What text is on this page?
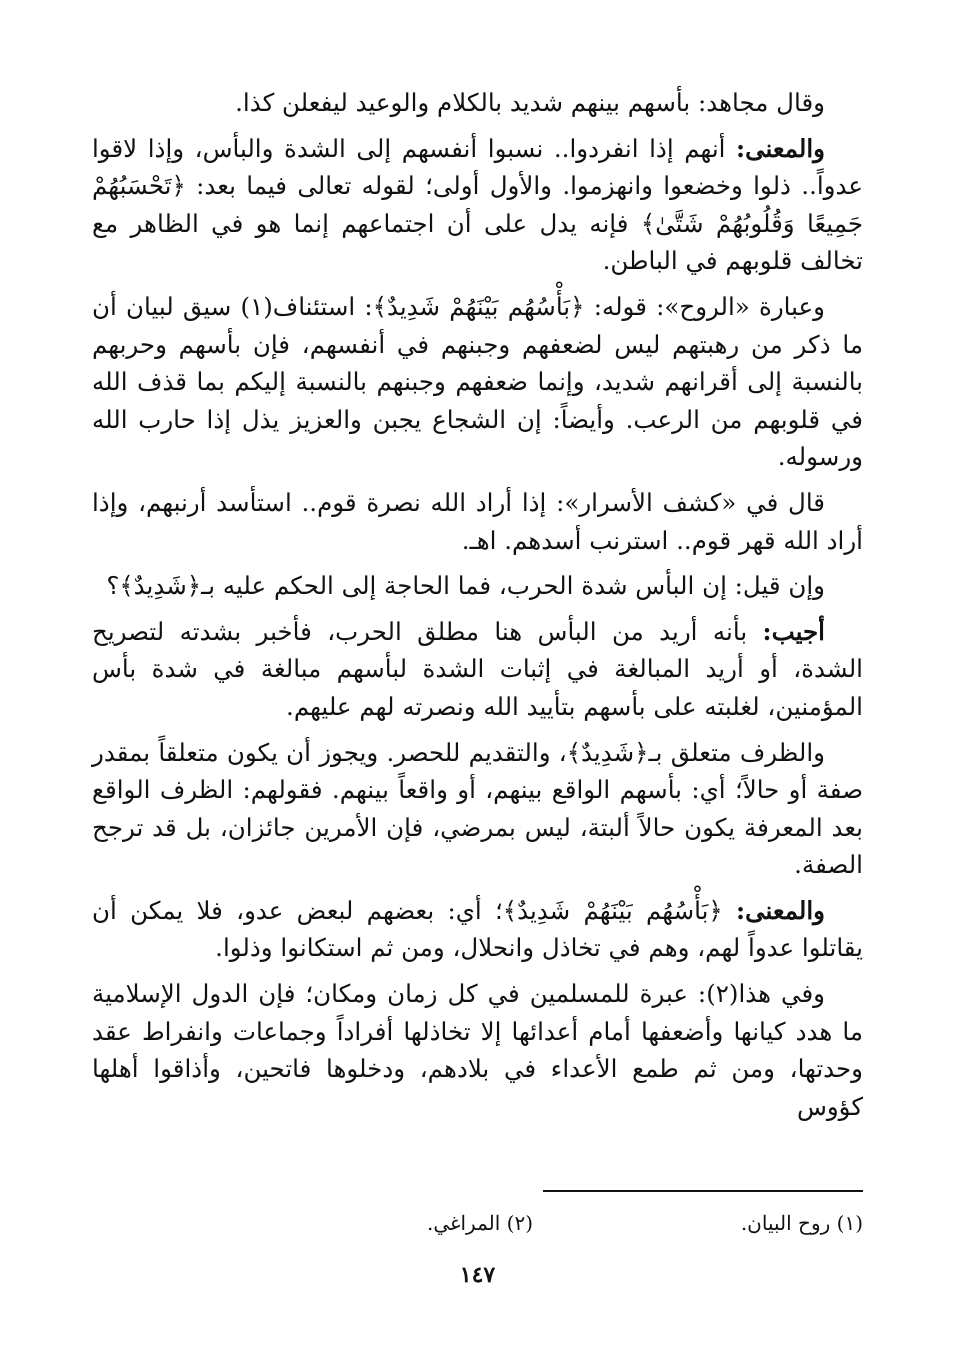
وقال مجاهد: بأسهم بينهم شديد بالكلام والوعيد ليفعلن كذا.

والمعنى: أنهم إذا انفردوا.. نسبوا أنفسهم إلى الشدة والبأس، وإذا لاقوا عدواً.. ذلوا وخضعوا وانهزموا. والأول أولى؛ لقوله تعالى فيما بعد: ﴿تَحْسَبُهُمْ جَمِيعًا وَقُلُوبُهُمْ شَتَّىٰ﴾ فإنه يدل على أن اجتماعهم إنما هو في الظاهر مع تخالف قلوبهم في الباطن.

وعبارة «الروح»: قوله: ﴿بَأْسُهُم بَيْنَهُمْ شَدِيدٌ﴾: استئناف(١) سيق لبيان أن ما ذكر من رهبتهم ليس لضعفهم وجبنهم في أنفسهم، فإن بأسهم وحربهم بالنسبة إلى أقرانهم شديد، وإنما ضعفهم وجبنهم بالنسبة إليكم بما قذف الله في قلوبهم من الرعب. وأيضاً: إن الشجاع يجبن والعزيز يذل إذا حارب الله ورسوله.

قال في «كشف الأسرار»: إذا أراد الله نصرة قوم.. استأسد أرنبهم، وإذا أراد الله قهر قوم.. استرنب أسدهم. اهـ.

وإن قيل: إن البأس شدة الحرب، فما الحاجة إلى الحكم عليه بـ﴿شَدِيدٌ﴾؟

أجيب: بأنه أريد من البأس هنا مطلق الحرب، فأخبر بشدته لتصريح الشدة، أو أريد المبالغة في إثبات الشدة لبأسهم مبالغة في شدة بأس المؤمنين، لغلبته على بأسهم بتأييد الله ونصرته لهم عليهم.

والظرف متعلق بـ﴿شَدِيدٌ﴾، والتقديم للحصر. ويجوز أن يكون متعلقاً بمقدر صفة أو حالاً؛ أي: بأسهم الواقع بينهم، أو واقعاً بينهم. فقولهم: الظرف الواقع بعد المعرفة يكون حالاً ألبتة، ليس بمرضي، فإن الأمرين جائزان، بل قد ترجح الصفة.

والمعنى: ﴿بَأْسُهُم بَيْنَهُمْ شَدِيدٌ﴾؛ أي: بعضهم لبعض عدو، فلا يمكن أن يقاتلوا عدواً لهم، وهم في تخاذل وانحلال، ومن ثم استكانوا وذلوا.

وفي هذا(٢): عبرة للمسلمين في كل زمان ومكان؛ فإن الدول الإسلامية ما هدد كيانها وأضعفها أمام أعدائها إلا تخاذلها أفراداً وجماعات وانفراط عقد وحدتها، ومن ثم طمع الأعداء في بلادهم، ودخلوها فاتحين، وأذاقوا أهلها كؤوس

(١) روح البيان.
(٢) المراغي.
١٤٧
